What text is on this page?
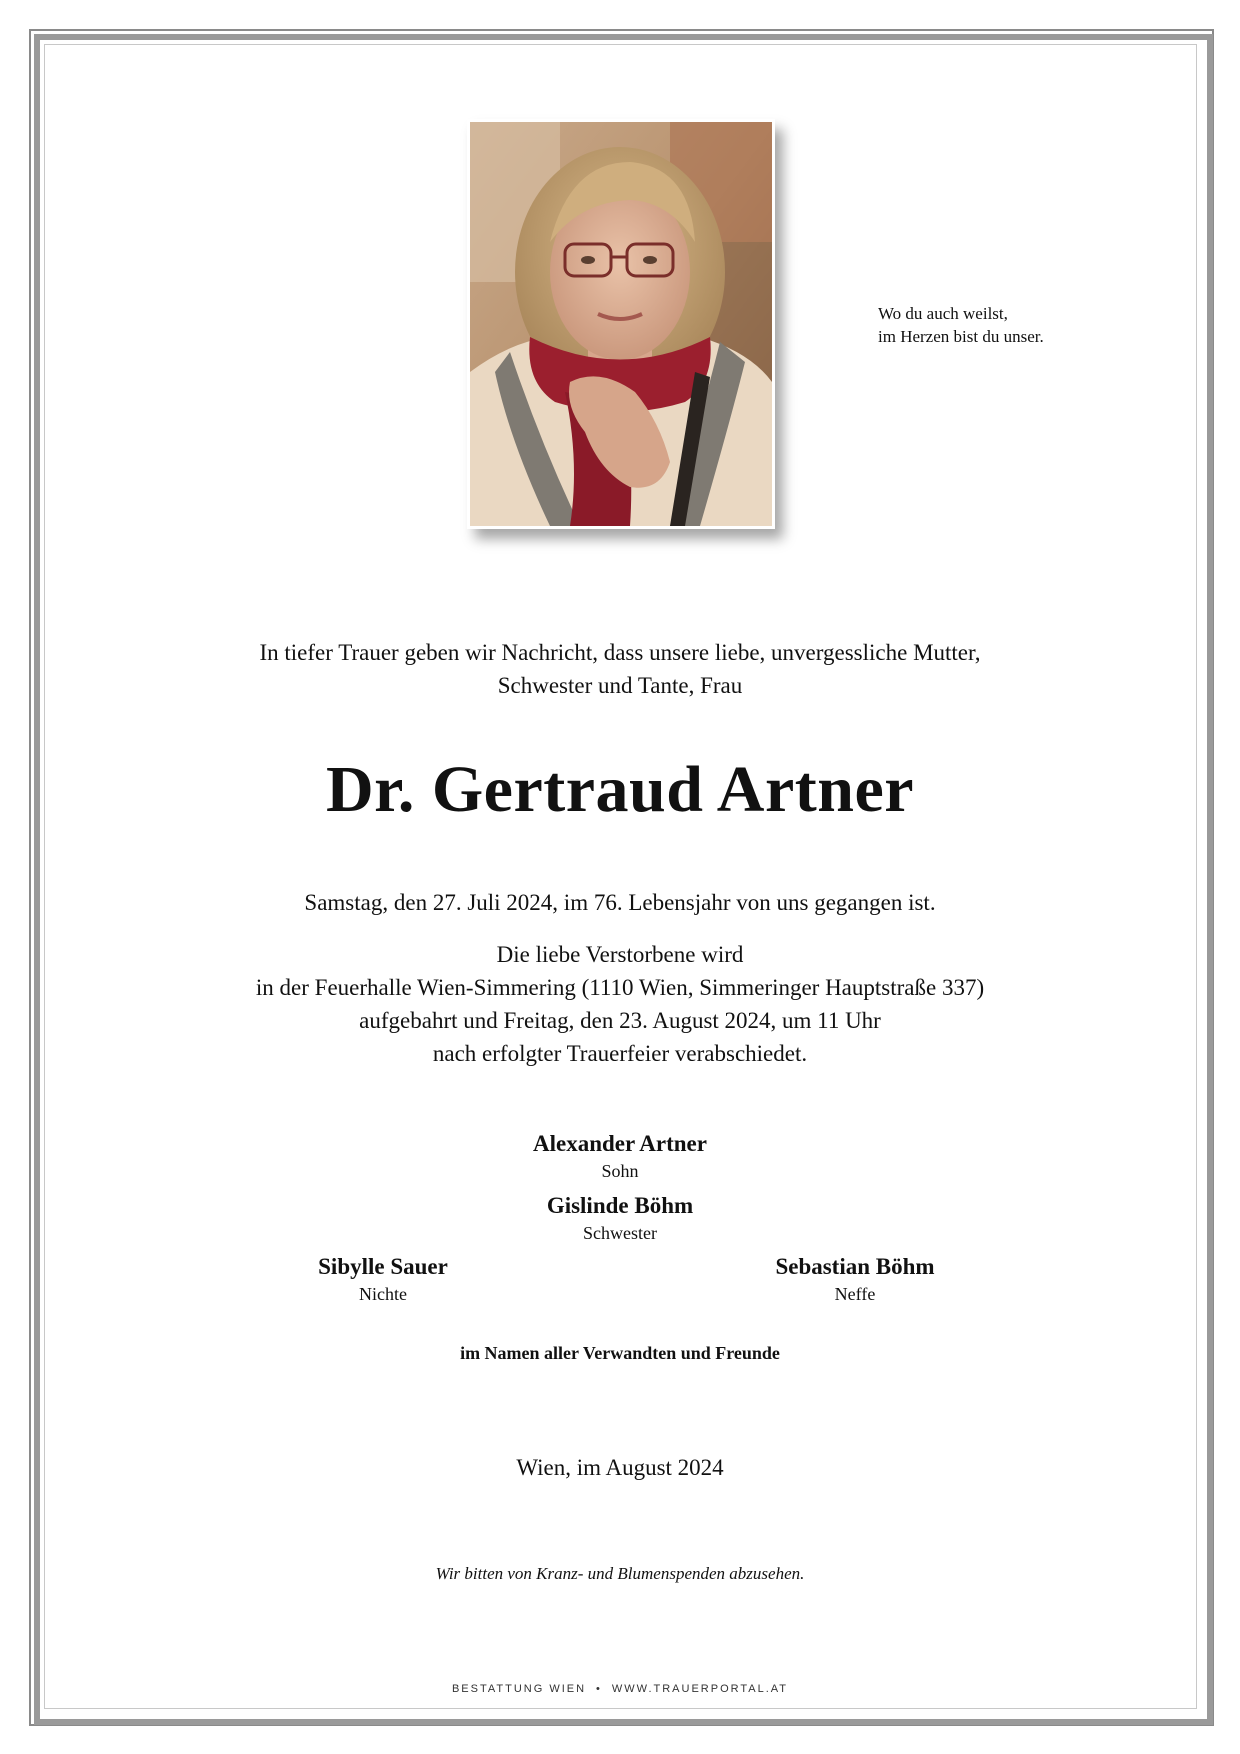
Wo du auch weilst,
im Herzen bist du unser.
In tiefer Trauer geben wir Nachricht, dass unsere liebe, unvergessliche Mutter,
Schwester und Tante, Frau
Dr. Gertraud Artner
Samstag, den 27. Juli 2024, im 76. Lebensjahr von uns gegangen ist.
Die liebe Verstorbene wird
in der Feuerhalle Wien-Simmering (1110 Wien, Simmeringer Hauptstraße 337)
aufgebahrt und Freitag, den 23. August 2024, um 11 Uhr
nach erfolgter Trauerfeier verabschiedet.
Alexander Artner
Sohn
Gislinde Böhm
Schwester
Sibylle Sauer
Nichte
Sebastian Böhm
Neffe
im Namen aller Verwandten und Freunde
Wien, im August 2024
Wir bitten von Kranz- und Blumenspenden abzusehen.
BESTATTUNG WIEN • WWW.TRAUERPORTAL.AT
